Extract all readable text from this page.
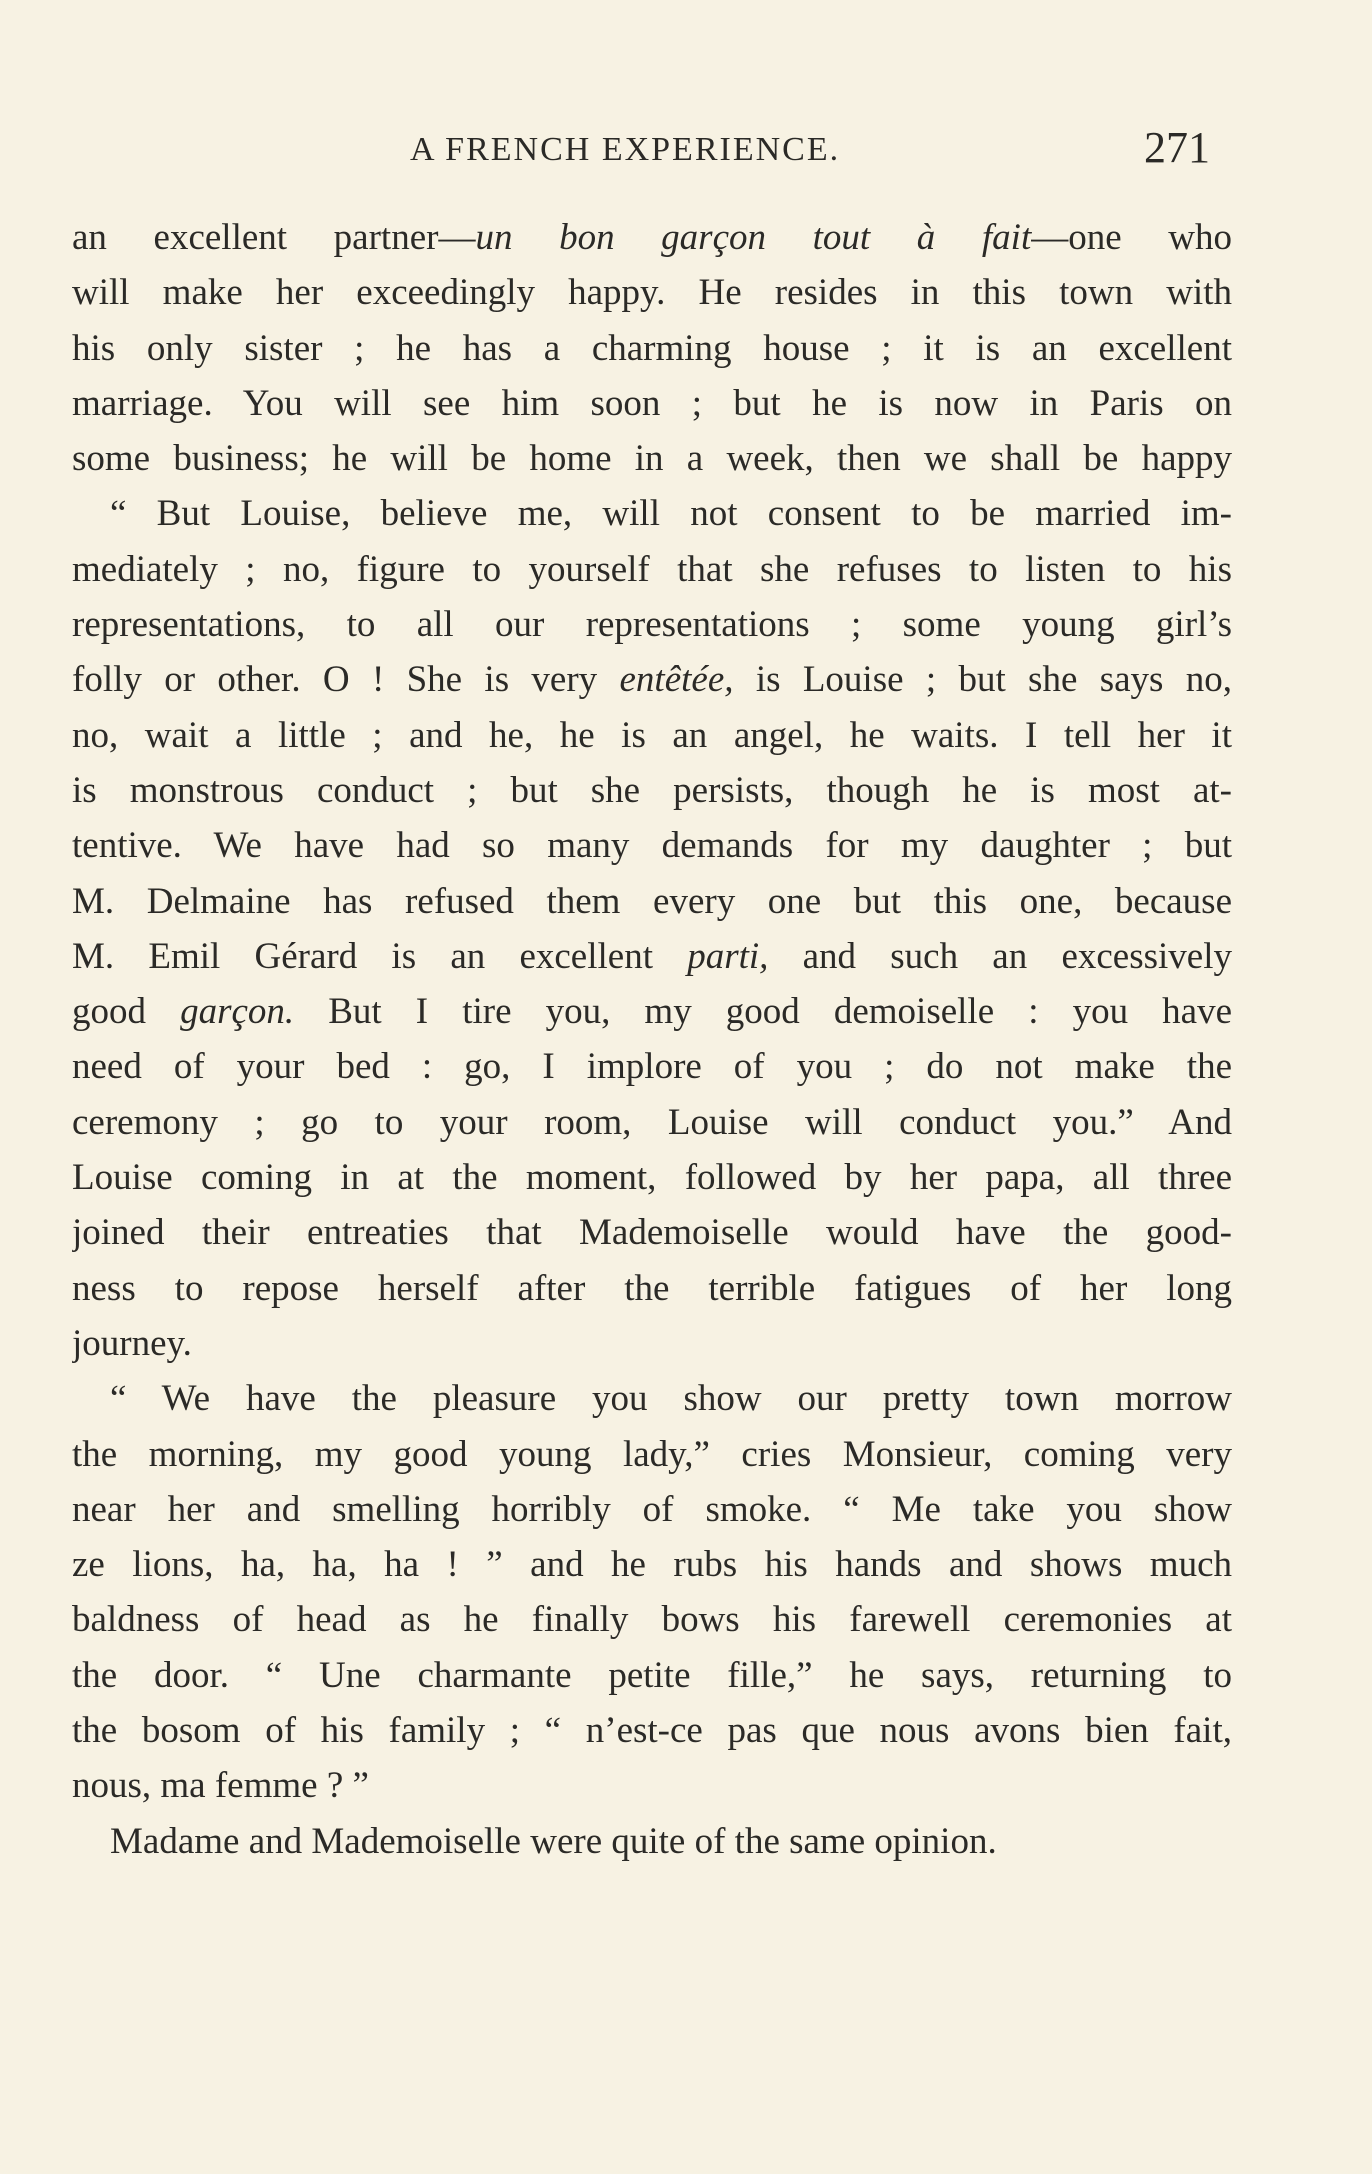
A FRENCH EXPERIENCE.	271
an excellent partner—un bon garçon tout à fait—one who
will make her exceedingly happy. He resides in this town with
his only sister ; he has a charming house ; it is an excellent
marriage. You will see him soon ; but he is now in Paris on
some business; he will be home in a week, then we shall be happy
“ But Louise, believe me, will not consent to be married im-
mediately ; no, figure to yourself that she refuses to listen to his
representations, to all our representations ; some young girl’s
folly or other. O ! She is very entêtée, is Louise ; but she says no,
no, wait a little ; and he, he is an angel, he waits. I tell her it
is monstrous conduct ; but she persists, though he is most at-
tentive. We have had so many demands for my daughter ; but
M. Delmaine has refused them every one but this one, because
M. Emil Gérard is an excellent parti, and such an excessively
good garçon. But I tire you, my good demoiselle : you have
need of your bed : go, I implore of you ; do not make the
ceremony ; go to your room, Louise will conduct you.” And
Louise coming in at the moment, followed by her papa, all three
joined their entreaties that Mademoiselle would have the good-
ness to repose herself after the terrible fatigues of her long
journey.
“ We have the pleasure you show our pretty town morrow
the morning, my good young lady,” cries Monsieur, coming very
near her and smelling horribly of smoke. “ Me take you show
ze lions, ha, ha, ha ! ” and he rubs his hands and shows much
baldness of head as he finally bows his farewell ceremonies at
the door. “ Une charmante petite fille,” he says, returning to
the bosom of his family ; “ n’est-ce pas que nous avons bien fait,
nous, ma femme ? ”
Madame and Mademoiselle were quite of the same opinion.
